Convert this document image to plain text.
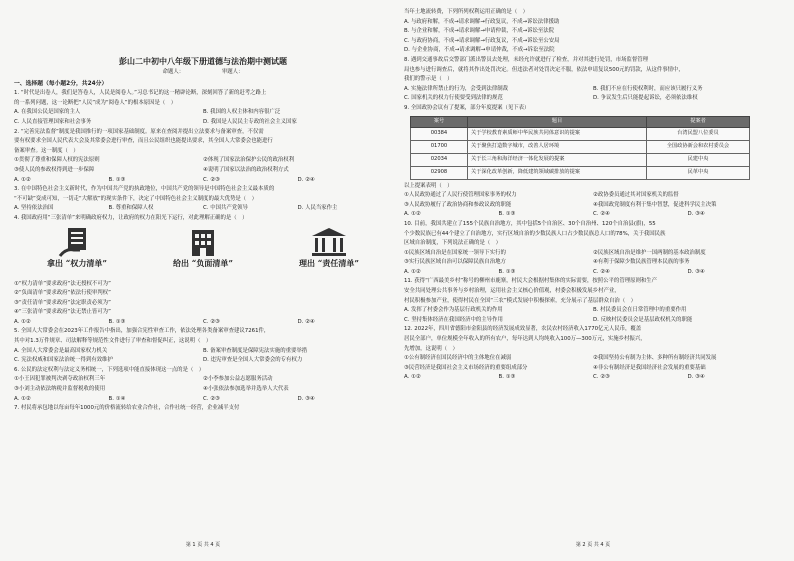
彭山二中初中八年级下册道德与法治期中测试题
命题人：	审题人：
一、选择题（每小题2分，共24分）
1. “时代是出卷人，我们是答卷人，人民是阅卷人。”习总书记的这一精辟论断，深刻回答了新的赶考之路上
的一系列问题，这一论断把“人民”成为“阅卷人”的根本原因是（　）
A. 在我国公民是国家的主人	B. 我国的人权主体和内容很广泛
C. 人民直接管理国家和社会事务	D. 我国是人民民主专政的社会主义国家
2. “完善宪法监督”制度是我国推行的一项国家基础制度。原来在查阅并提出立法要求与备案审查，不仅需
要有权要求全国人民代表大会及其常委会进行审查，而且公民组织也能提出要求，其全国人大常委会也能进行
备案审查。这一制度（　）
①贯彻了尊重和保障人权的宪法原则	②体现了国家法治保护公民的政治权利
③使人民的参政权得到进一步保障	④说明了国家以法治的政治权利方式
A. ①②	B. ①③	C. ②③	D. ②④
3. 在中国特色社会主义新时代，作为中国共产党的执政地位，中国共产党的领导是中国特色社会主义最本质的
“不可缺”变成可知，一切走“大解放”的现实条件下，决定了中国特色社会主义制度的最大优势是（　）
A. 坚持依法治国	B. 尊重和保障人权	C. 中国共产党领导	D. 人民当家作主
4. 我国政府用“三张清单”来明确政府权力，让政府的权力在阳光下运行，对此理解正确的是（　）
拿出 “权力清单”	给出 “负面清单”	理出 “责任清单”
①“权力清单”要求政府“法无授权不可为”
②“负面清单”要求政府“依法行使审判权”
③“责任清单”要求政府“法定职责必须为”
④“三张清单”要求政府“法无禁止皆可为”
A. ①②	B. ①③	C. ②③	D. ②④
5. 全国人大常委会在2023年工作报告中指出，加强合宪性审查工作，依法处理各类备案审查建议7261件，
其中对1.3万件规章、司法解释等规范性文件进行了审查和督促纠正，这说明（　）
A. 全国人大常委会是最高国家权力机关	B. 备案审查制度是保障宪法实施的重要举措
C. 宪法权威和国家法治统一得到有效维护	D. 违宪审查是全国人大常委会的专有权力
6. 公民的法定权利与法定义务相统一，下列选项中能直接体现这一点的是（　）
①小王因犯罪被判决剥夺政治权利三年	②小李参加公益志愿服务活动
③小刘主动依法纳税并监督税收的使用	④小张依法参加选举并选举人大代表
A. ①②	B. ①④	C. ②③	D. ③④
7. 村民将承包地以每亩每年1000元的价格流转给农业合作社，合作社统一经营，企业减半支付
第 1 页 共 4 页
当年土地流转费，下列所列权利运用正确的是（　）
A. 与政府和解，不成→请求调解→行政复议，不成→诉讼法律援助
B. 与企业和解，不成→请求调解→申请仲裁，不成→诉讼至法院
C. 与政府协商，不成→请求调解→行政复议，不成→诉讼至公安局
D. 与企业协商，不成→请求调解→申请仲裁，不成→诉讼至法院
8. 遇到交通事故后交警部门派出警员去处理，未经允许就进行了检查，并对其进行处罚，市场监督管理
局也参与进行调查后，就将其作出处罚决定。但违法者对处罚决定不服，依法申请复议500元的罚款，从这件事情中，
我们的警示是（　）
A. 实施法律所禁止的行为，会受到法律制裁	B. 我们不应在行使权利时，而应该只履行义务
C. 国家机关的权力行使要受到法律的规范	D. 争议发生后只能提起诉讼，必须依法维权
9. 全国政协会议有了提案，部分年度提案（见下表）
案号	题目	提案者
00384	关于学校教育素质师中华民族共同体意识的提案	台湾民盟八位委员
01700	关于聚焦打造数字城市，改善人居环境	全国政协新会和农村委员会
02034	关于长三角和海洋经济一体化发展的提案	民建中央
02908	关于深化改革创新，降低建筑领域碳排放的提案	民革中央
以上提案表明（　）
①人民政协通过了人民行使管理国家事务的权力	②政协委员通过其对国家机关的监督
③人民政协履行了政治协商和参政议政的职能	④我国政党制度有利于集中智慧，促进科学民主决策
A. ①②	B. ①③	C. ②④	D. ③④
10. 目前，我国共建立了155个民族自治地方，其中包括5个自治区、30个自治州、120个自治县(旗)，55
个少数民族已有44个建立了自治地方，实行区域自治的少数民族人口占少数民族总人口的78%，关于我国民族
区域自治制度，下列说法正确的是（　）
①民族区域自治是在国家统一领导下实行的	②民族区域自治是维护一国两制的基本政治制度
③实行民族区域自治可以保障民族自治地方	④有利于保障少数民族管理本民族的事务
A. ①②	B. ①③	C. ②④	D. ③④
11. 获得“广西最美乡村”称号的柳州市鹿寨，村民大会根据村集体的实际需要，按照公平的管理原则和生产
安全共同处理公共事务与乡村治理，运用社会主义核心价值观，村委会积极发展乡村产业，
村民积极参加产业，使得村民在全国“三农”模式发展中积极探索，充分展示了基层群众自治（　）
A. 发挥了村委会作为基层行政机关的作用	B. 村民委员会在日常管理中的重要作用
C. 坚持集体经济在我国经济中的主导作用	D. 反映村民委员会是基层政权机关的职能
12. 2022年，四川省德阳市金阳县的经济发展成效显著，农民农村经济收入1770亿元人民币，覆盖
居民全部户，单位规模全年收入的所有农户，每年达到人均纯收入100万—300万元，实施乡村振兴，
先增加，这说明（　）
①公有制经济在国民经济中的主体地位在减弱	②我国坚持公有制为主体、多种所有制经济共同发展
③民营经济是我国社会主义市场经济的重要组成部分	④非公有制经济是我国经济社会发展的重要基础
A. ①②	B. ①③	C. ②③	D. ③④
第 2 页 共 4 页
